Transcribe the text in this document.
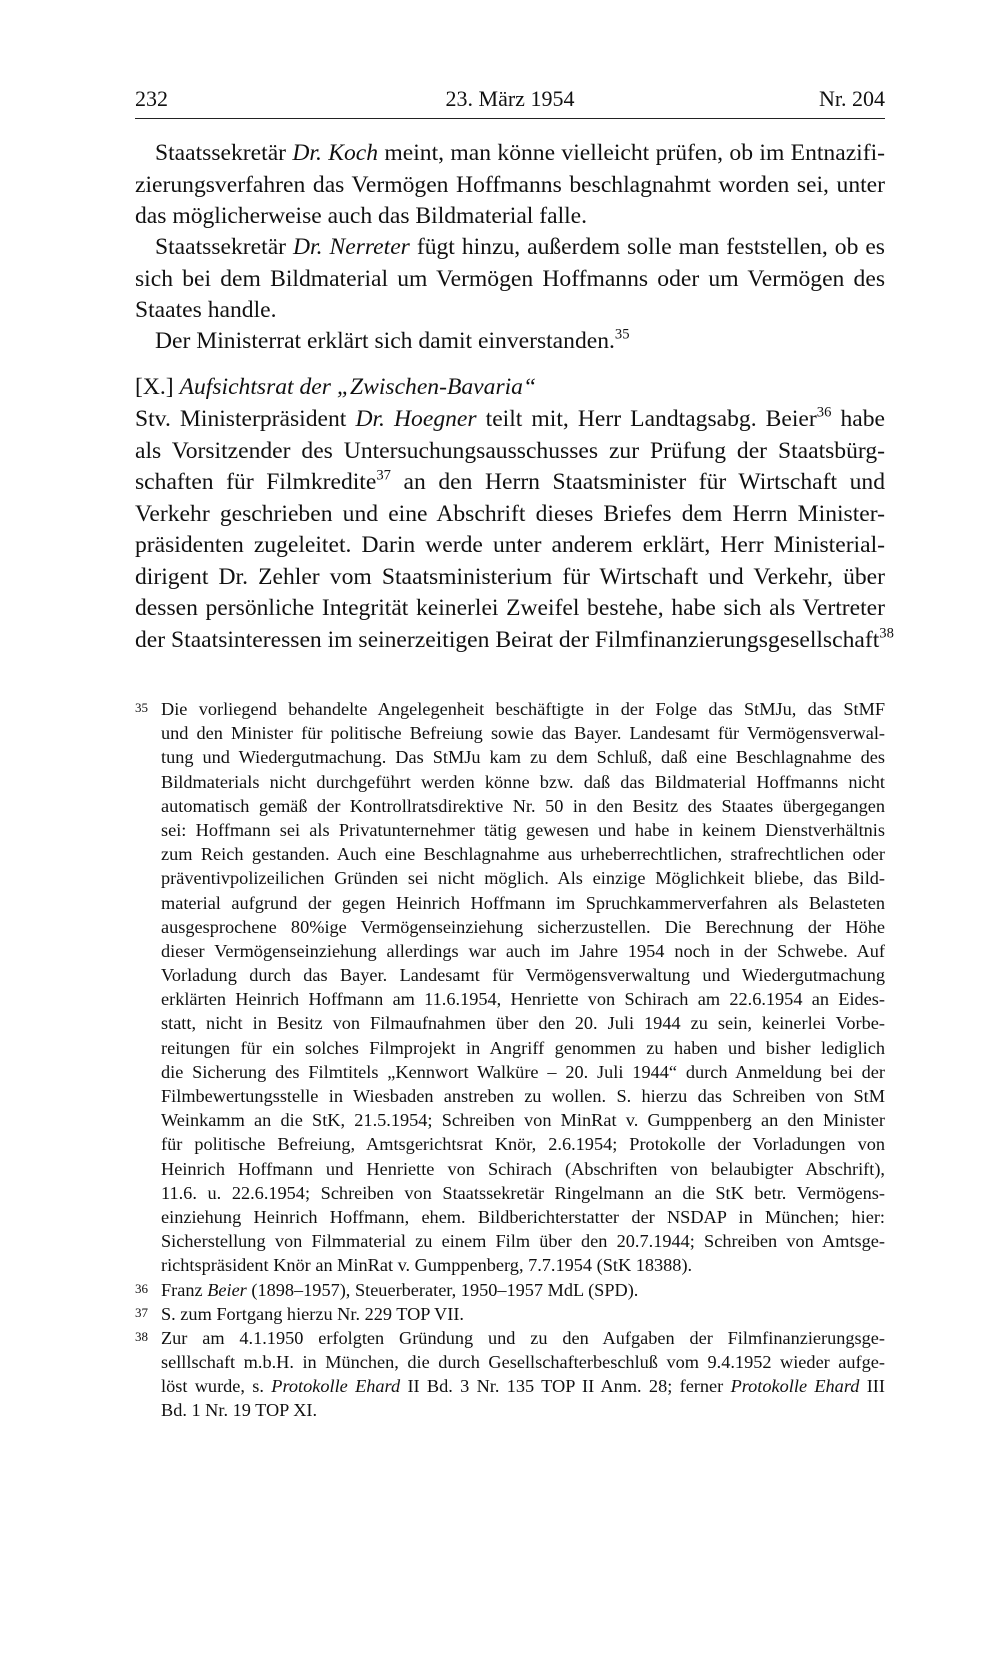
232	23. März 1954	Nr. 204
Staatssekretär Dr. Koch meint, man könne vielleicht prüfen, ob im Entnazifi-
zierungsverfahren das Vermögen Hoffmanns beschlagnahmt worden sei, unter
das möglicherweise auch das Bildmaterial falle.
Staatssekretär Dr. Nerreter fügt hinzu, außerdem solle man feststellen, ob es
sich bei dem Bildmaterial um Vermögen Hoffmanns oder um Vermögen des
Staates handle.
Der Ministerrat erklärt sich damit einverstanden.$^{35}$
[X.] Aufsichtsrat der „Zwischen-Bavaria“
Stv. Ministerpräsident Dr. Hoegner teilt mit, Herr Landtagsabg. Beier$^{36}$ habe
als Vorsitzender des Untersuchungsausschusses zur Prüfung der Staatsbürg-
schaften für Filmkredite$^{37}$ an den Herrn Staatsminister für Wirtschaft und
Verkehr geschrieben und eine Abschrift dieses Briefes dem Herrn Minister-
präsidenten zugeleitet. Darin werde unter anderem erklärt, Herr Ministerial-
dirigent Dr. Zehler vom Staatsministerium für Wirtschaft und Verkehr, über
dessen persönliche Integrität keinerlei Zweifel bestehe, habe sich als Vertreter
der Staatsinteressen im seinerzeitigen Beirat der Filmfinanzierungsgesellschaft$^{38}$
35 Die vorliegend behandelte Angelegenheit beschäftigte in der Folge das StMJu, das StMF
und den Minister für politische Befreiung sowie das Bayer. Landesamt für Vermögensverwal-
tung und Wiedergutmachung. Das StMJu kam zu dem Schluß, daß eine Beschlagnahme des
Bildmaterials nicht durchgeführt werden könne bzw. daß das Bildmaterial Hoffmanns nicht
automatisch gemäß der Kontrollratsdirektive Nr. 50 in den Besitz des Staates übergegangen
sei: Hoffmann sei als Privatunternehmer tätig gewesen und habe in keinem Dienstverhältnis
zum Reich gestanden. Auch eine Beschlagnahme aus urheberrechtlichen, strafrechtlichen oder
präventivpolizeilichen Gründen sei nicht möglich. Als einzige Möglichkeit bliebe, das Bild-
material aufgrund der gegen Heinrich Hoffmann im Spruchkammerverfahren als Belasteten
ausgesprochene 80%ige Vermögenseinziehung sicherzustellen. Die Berechnung der Höhe
dieser Vermögenseinziehung allerdings war auch im Jahre 1954 noch in der Schwebe. Auf
Vorladung durch das Bayer. Landesamt für Vermögensverwaltung und Wiedergutmachung
erklärten Heinrich Hoffmann am 11.6.1954, Henriette von Schirach am 22.6.1954 an Eides-
statt, nicht in Besitz von Filmaufnahmen über den 20. Juli 1944 zu sein, keinerlei Vorbe-
reitungen für ein solches Filmprojekt in Angriff genommen zu haben und bisher lediglich
die Sicherung des Filmtitels „Kennwort Walküre – 20. Juli 1944“ durch Anmeldung bei der
Filmbewertungsstelle in Wiesbaden anstreben zu wollen. S. hierzu das Schreiben von StM
Weinkamm an die StK, 21.5.1954; Schreiben von MinRat v. Gumppenberg an den Minister
für politische Befreiung, Amtsgerichtsrat Knör, 2.6.1954; Protokolle der Vorladungen von
Heinrich Hoffmann und Henriette von Schirach (Abschriften von belaubigter Abschrift),
11.6. u. 22.6.1954; Schreiben von Staatssekretär Ringelmann an die StK betr. Vermögens-
einziehung Heinrich Hoffmann, ehem. Bildberichterstatter der NSDAP in München; hier:
Sicherstellung von Filmmaterial zu einem Film über den 20.7.1944; Schreiben von Amtsge-
richtspräsident Knör an MinRat v. Gumppenberg, 7.7.1954 (StK 18388).
36 Franz Beier (1898–1957), Steuerberater, 1950–1957 MdL (SPD).
37 S. zum Fortgang hierzu Nr. 229 TOP VII.
38 Zur am 4.1.1950 erfolgten Gründung und zu den Aufgaben der Filmfinanzierungsge-
selllschaft m.b.H. in München, die durch Gesellschafterbeschluß vom 9.4.1952 wieder aufge-
löst wurde, s. Protokolle Ehard II Bd. 3 Nr. 135 TOP II Anm. 28; ferner Protokolle Ehard III
Bd. 1 Nr. 19 TOP XI.
